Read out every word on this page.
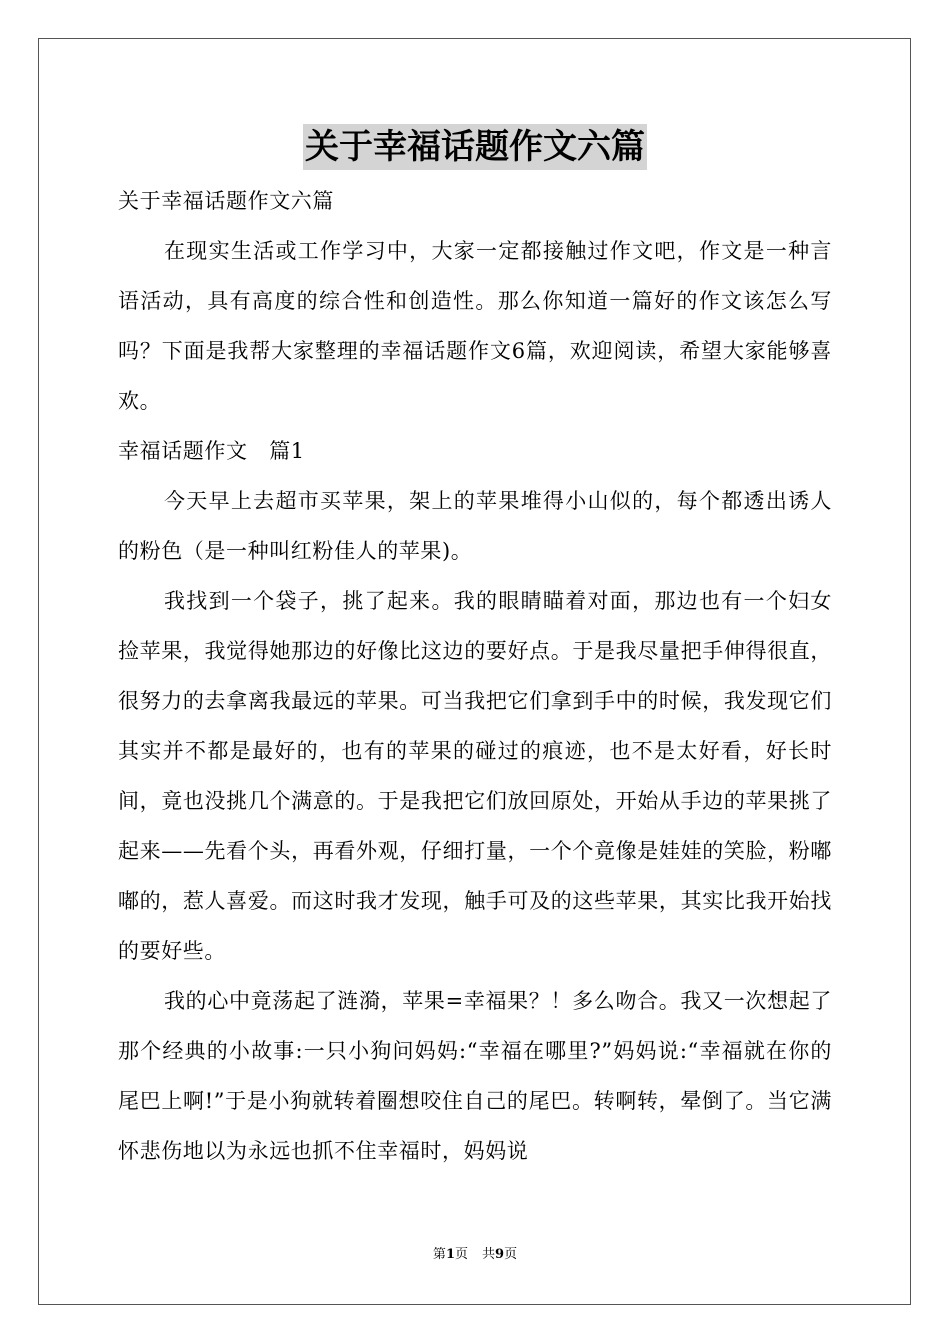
关于幸福话题作文六篇

关于幸福话题作文六篇

在现实生活或工作学习中，大家一定都接触过作文吧，作文是一种言语活动，具有高度的综合性和创造性。那么你知道一篇好的作文该怎么写吗？下面是我帮大家整理的幸福话题作文6篇，欢迎阅读，希望大家能够喜欢。

幸福话题作文　篇1

今天早上去超市买苹果，架上的苹果堆得小山似的，每个都透出诱人的粉色（是一种叫红粉佳人的苹果)。

我找到一个袋子，挑了起来。我的眼睛瞄着对面，那边也有一个妇女捡苹果，我觉得她那边的好像比这边的要好点。于是我尽量把手伸得很直，很努力的去拿离我最远的苹果。可当我把它们拿到手中的时候，我发现它们其实并不都是最好的，也有的苹果的碰过的痕迹，也不是太好看，好长时间，竟也没挑几个满意的。于是我把它们放回原处，开始从手边的苹果挑了起来——先看个头，再看外观，仔细打量，一个个竟像是娃娃的笑脸，粉嘟嘟的，惹人喜爱。而这时我才发现，触手可及的这些苹果，其实比我开始找的要好些。

我的心中竟荡起了涟漪，苹果=幸福果？！多么吻合。我又一次想起了那个经典的小故事:一只小狗问妈妈:“幸福在哪里?”妈妈说:“幸福就在你的尾巴上啊!”于是小狗就转着圈想咬住自己的尾巴。转啊转，晕倒了。当它满怀悲伤地以为永远也抓不住幸福时，妈妈说

第1页 共9页
